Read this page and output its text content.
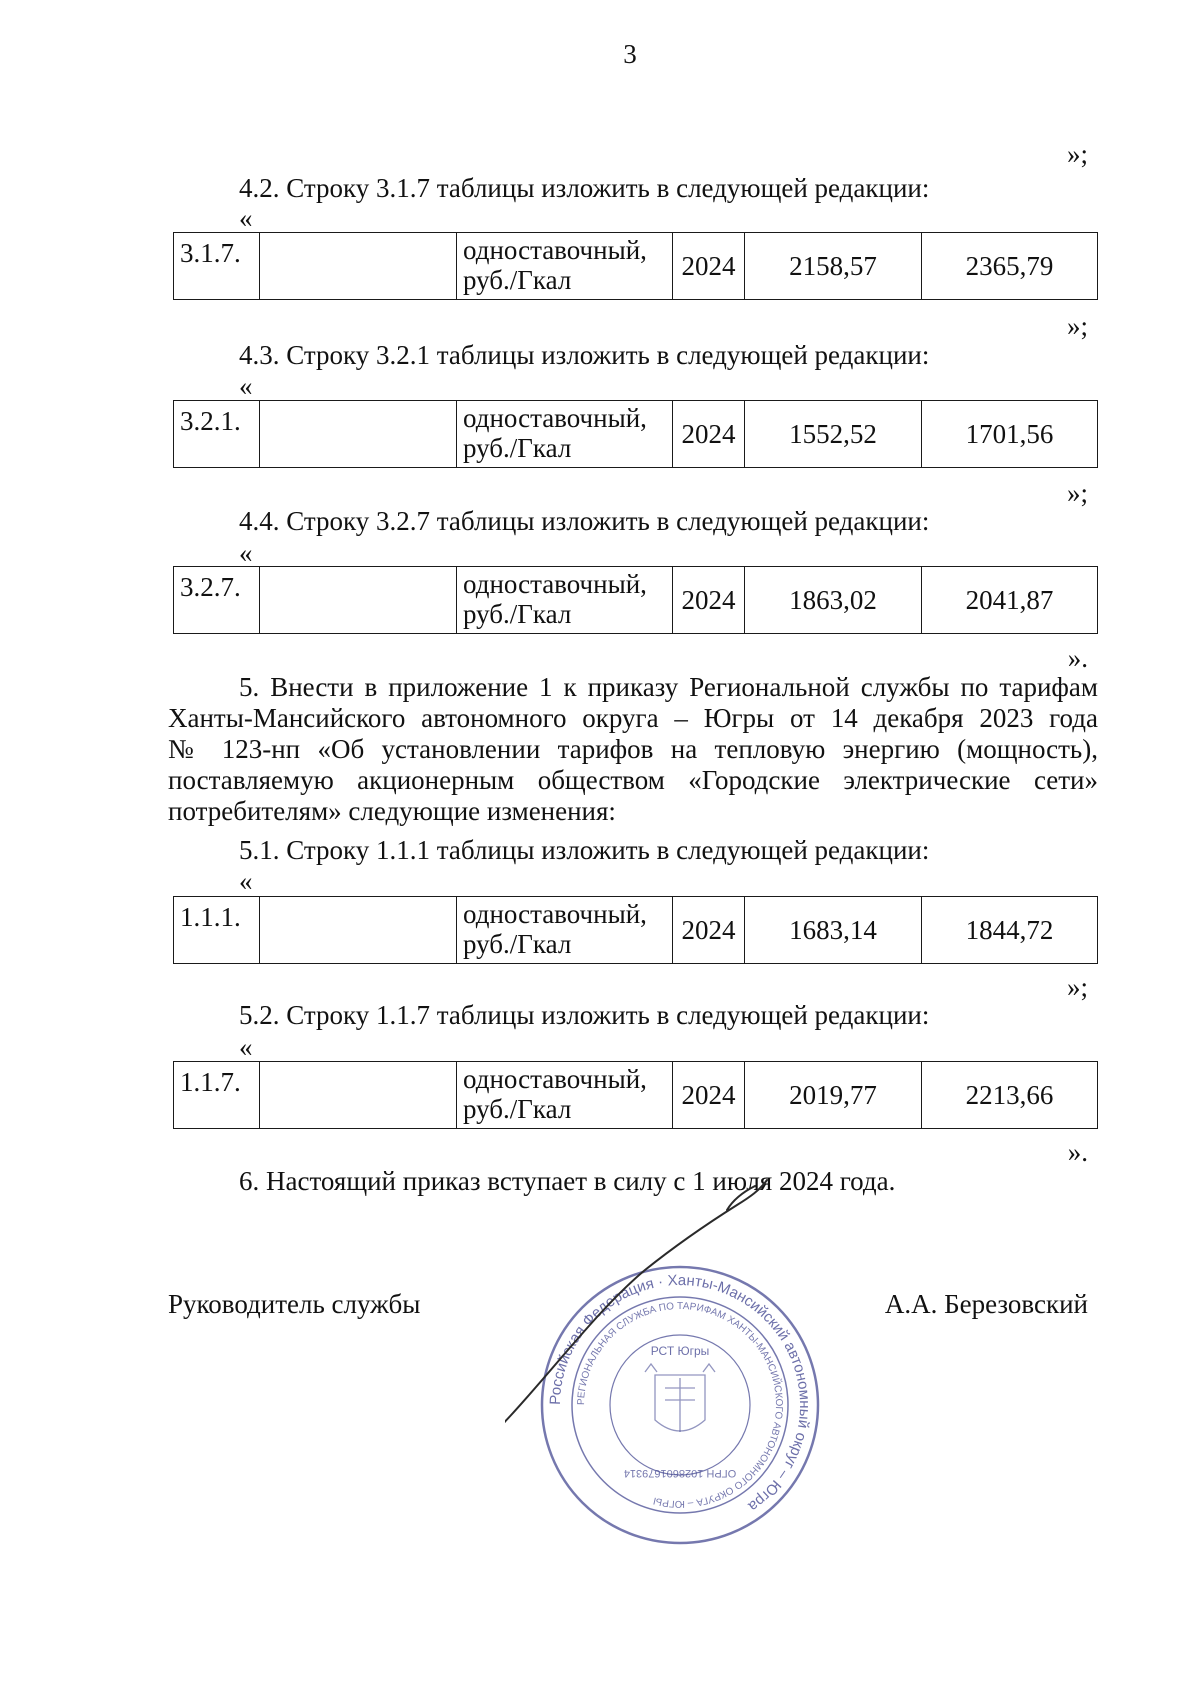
3
»;
4.2. Строку 3.1.7 таблицы изложить в следующей редакции:
«
3.1.7.		одноставочный,
руб./Гкал	2024	2158,57	2365,79
»;
4.3. Строку 3.2.1 таблицы изложить в следующей редакции:
«
3.2.1.		одноставочный,
руб./Гкал	2024	1552,52	1701,56
»;
4.4. Строку 3.2.7 таблицы изложить в следующей редакции:
«
3.2.7.		одноставочный,
руб./Гкал	2024	1863,02	2041,87
».
5. Внести в приложение 1 к приказу Региональной службы по тарифам
Ханты-Мансийского автономного округа – Югры от 14 декабря 2023 года
№ 123-нп «Об установлении тарифов на тепловую энергию (мощность),
поставляемую акционерным обществом «Городские электрические сети»
потребителям» следующие изменения:
5.1. Строку 1.1.1 таблицы изложить в следующей редакции:
«
1.1.1.		одноставочный,
руб./Гкал	2024	1683,14	1844,72
»;
5.2. Строку 1.1.7 таблицы изложить в следующей редакции:
«
1.1.7.		одноставочный,
руб./Гкал	2024	2019,77	2213,66
».
6. Настоящий приказ вступает в силу с 1 июля 2024 года.
Российская Федерация · Ханты-Мансийский автономный округ – Югра
РЕГИОНАЛЬНАЯ СЛУЖБА ПО ТАРИФАМ ХАНТЫ-МАНСИЙСКОГО АВТОНОМНОГО ОКРУГА – ЮГРЫ
РСТ Югры
ОГРН 1028601679314
Руководитель службы	А.А. Березовский
